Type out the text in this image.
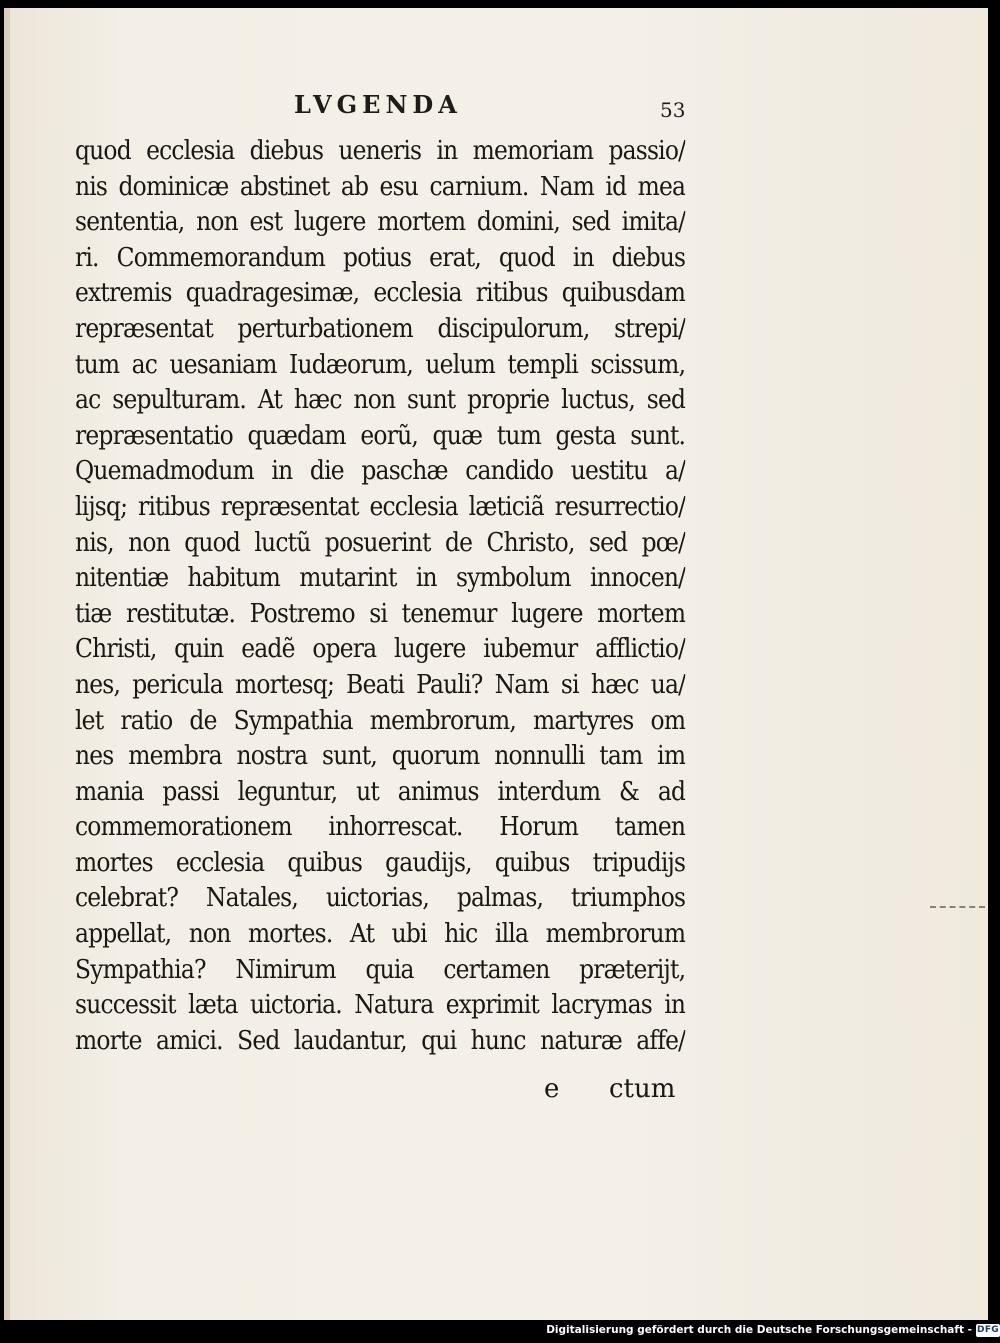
LVGENDA	53
quod ecclesia diebus ueneris in memoriam passio/
nis dominicæ abstinet ab esu carnium. Nam id mea
sententia, non est lugere mortem domini, sed imita/
ri. Commemorandum potius erat, quod in diebus
extremis quadragesimæ, ecclesia ritibus quibusdam
repræsentat perturbationem discipulorum, strepi/
tum ac uesaniam Iudæorum, uelum templi scissum,
ac sepulturam. At hæc non sunt proprie luctus, sed
repræsentatio quædam eorũ, quæ tum gesta sunt.
Quemadmodum in die paschæ candido uestitu a/
lijsq; ritibus repræsentat ecclesia læticiã resurrectio/
nis, non quod luctũ posuerint de Christo, sed pœ/
nitentiæ habitum mutarint in symbolum innocen/
tiæ restitutæ. Postremo si tenemur lugere mortem
Christi, quin eadẽ opera lugere iubemur afflictio/
nes, pericula mortesq; Beati Pauli? Nam si hæc ua/
let ratio de Sympathia membrorum, martyres om
nes membra nostra sunt, quorum nonnulli tam im
mania passi leguntur, ut animus interdum & ad
commemorationem inhorrescat. Horum tamen
mortes ecclesia quibus gaudijs, quibus tripudijs
celebrat? Natales, uictorias, palmas, triumphos
appellat, non mortes. At ubi hic illa membrorum
Sympathia? Nimirum quia certamen præterijt,
successit læta uictoria. Natura exprimit lacrymas in
morte amici. Sed laudantur, qui hunc naturæ affe/
e ctum
Digitalisierung gefördert durch die Deutsche Forschungsgemeinschaft - DFG
